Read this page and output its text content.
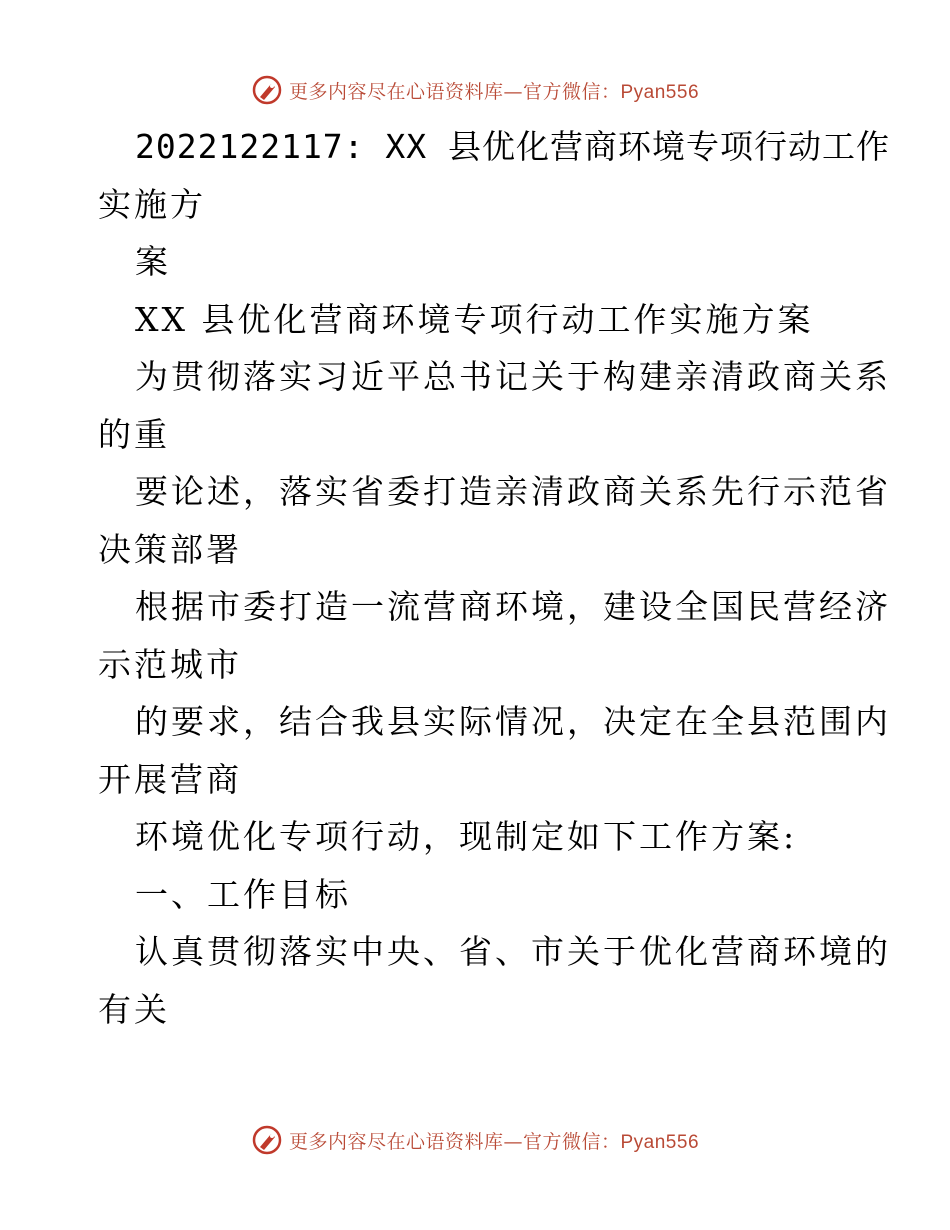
更多内容尽在心语资料库—官方微信：Pyan556
2022122117: XX 县优化营商环境专项行动工作
实施方
案
XX 县优化营商环境专项行动工作实施方案
为贯彻落实习近平总书记关于构建亲清政商关系
的重
要论述，落实省委打造亲清政商关系先行示范省
决策部署
根据市委打造一流营商环境，建设全国民营经济
示范城市
的要求，结合我县实际情况，决定在全县范围内
开展营商
环境优化专项行动，现制定如下工作方案:
一、工作目标
认真贯彻落实中央、省、市关于优化营商环境的
有关
更多内容尽在心语资料库—官方微信：Pyan556
